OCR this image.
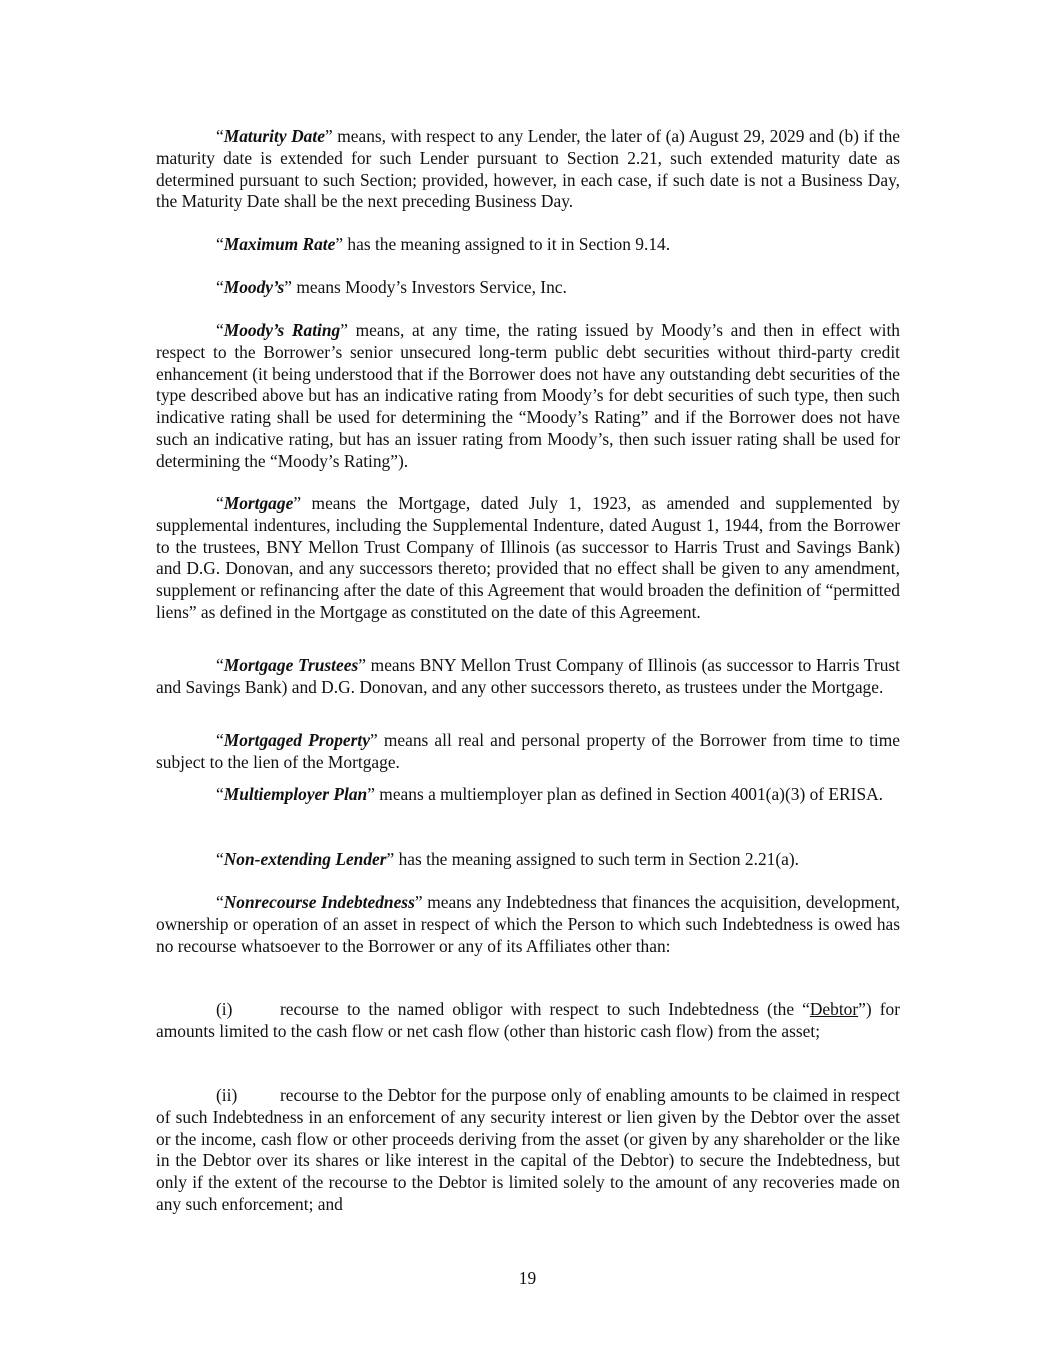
“Maturity Date” means, with respect to any Lender, the later of (a) August 29, 2029 and (b) if the maturity date is extended for such Lender pursuant to Section 2.21, such extended maturity date as determined pursuant to such Section; provided, however, in each case, if such date is not a Business Day, the Maturity Date shall be the next preceding Business Day.

“Maximum Rate” has the meaning assigned to it in Section 9.14.

“Moody’s” means Moody’s Investors Service, Inc.

“Moody’s Rating” means, at any time, the rating issued by Moody’s and then in effect with respect to the Borrower’s senior unsecured long-term public debt securities without third-party credit enhancement (it being understood that if the Borrower does not have any outstanding debt securities of the type described above but has an indicative rating from Moody’s for debt securities of such type, then such indicative rating shall be used for determining the “Moody’s Rating” and if the Borrower does not have such an indicative rating, but has an issuer rating from Moody’s, then such issuer rating shall be used for determining the “Moody’s Rating”).

“Mortgage” means the Mortgage, dated July 1, 1923, as amended and supplemented by supplemental indentures, including the Supplemental Indenture, dated August 1, 1944, from the Borrower to the trustees, BNY Mellon Trust Company of Illinois (as successor to Harris Trust and Savings Bank) and D.G. Donovan, and any successors thereto; provided that no effect shall be given to any amendment, supplement or refinancing after the date of this Agreement that would broaden the definition of “permitted liens” as defined in the Mortgage as constituted on the date of this Agreement.

“Mortgage Trustees” means BNY Mellon Trust Company of Illinois (as successor to Harris Trust and Savings Bank) and D.G. Donovan, and any other successors thereto, as trustees under the Mortgage.

“Mortgaged Property” means all real and personal property of the Borrower from time to time subject to the lien of the Mortgage.

“Multiemployer Plan” means a multiemployer plan as defined in Section 4001(a)(3) of ERISA.

“Non-extending Lender” has the meaning assigned to such term in Section 2.21(a).

“Nonrecourse Indebtedness” means any Indebtedness that finances the acquisition, development, ownership or operation of an asset in respect of which the Person to which such Indebtedness is owed has no recourse whatsoever to the Borrower or any of its Affiliates other than:

(i)	recourse to the named obligor with respect to such Indebtedness (the “Debtor”) for amounts limited to the cash flow or net cash flow (other than historic cash flow) from the asset;

(ii) recourse to the Debtor for the purpose only of enabling amounts to be claimed in respect of such Indebtedness in an enforcement of any security interest or lien given by the Debtor over the asset or the income, cash flow or other proceeds deriving from the asset (or given by any shareholder or the like in the Debtor over its shares or like interest in the capital of the Debtor) to secure the Indebtedness, but only if the extent of the recourse to the Debtor is limited solely to the amount of any recoveries made on any such enforcement; and

19
